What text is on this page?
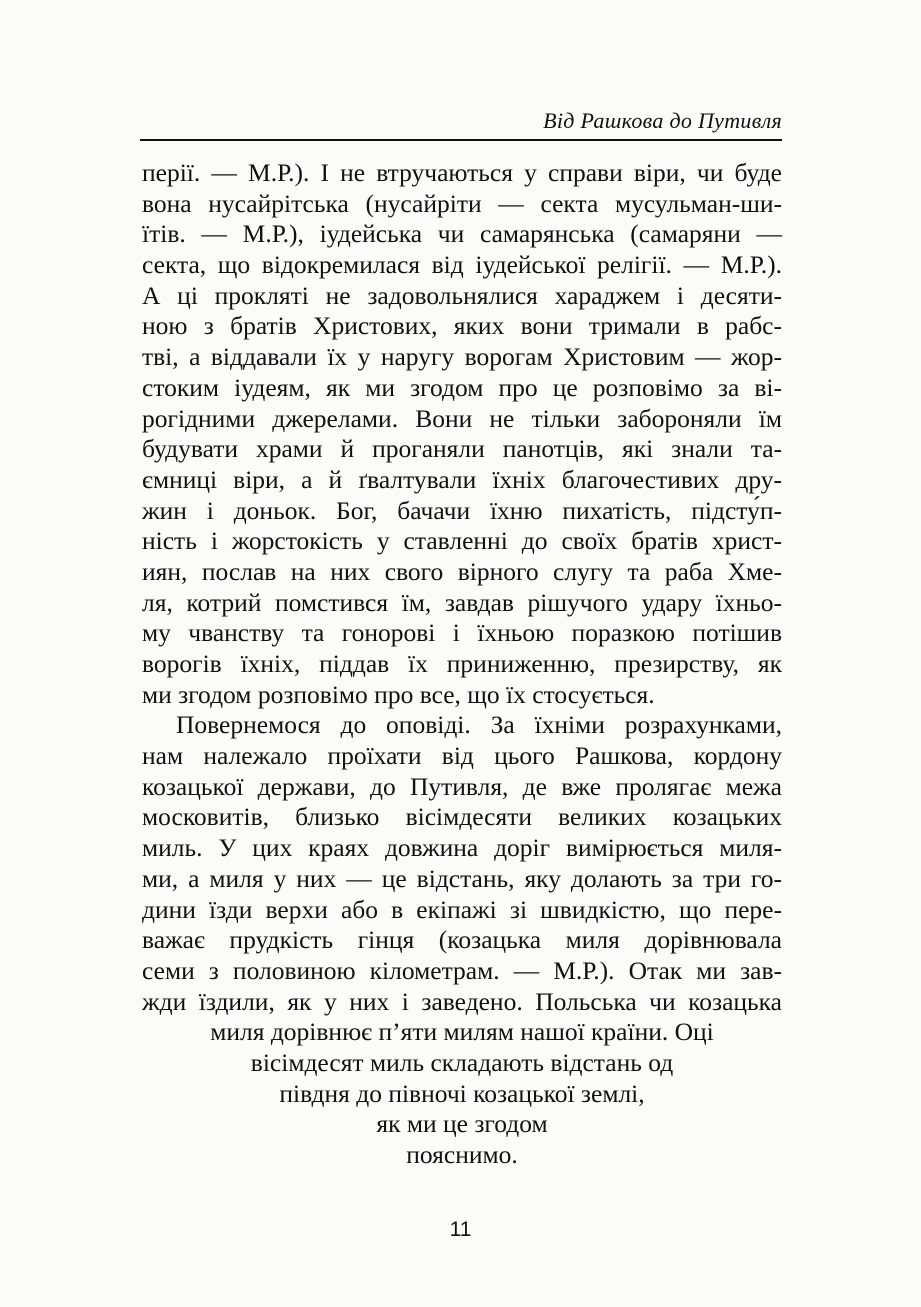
Від Рашкова до Путивля
перії. — М.Р.). І не втручаються у справи віри, чи буде
вона нусайрітська (нусайріти — секта мусульман-ши-
їтів. — М.Р.), іудейська чи самарянська (самаряни —
секта, що відокремилася від іудейської релігії. — М.Р.).
А ці прокляті не задовольнялися хараджем і десяти-
ною з братів Христових, яких вони тримали в рабс-
тві, а віддавали їх у наругу ворогам Христовим — жор-
стоким іудеям, як ми згодом про це розповімо за ві-
рогідними джерелами. Вони не тільки забороняли їм
будувати храми й проганяли панотців, які знали та-
ємниці віри, а й ґвалтували їхніх благочестивих дру-
жин і доньок. Бог, бачачи їхню пихатість, підсту́п-
ність і жорстокість у ставленні до своїх братів христ-
иян, послав на них свого вірного слугу та раба Хме-
ля, котрий помстився їм, завдав рішучого удару їхньо-
му чванству та гонорові і їхньою поразкою потішив
ворогів їхніх, піддав їх приниженню, презирству, як
ми згодом розповімо про все, що їх стосується.
Повернемося до оповіді. За їхніми розрахунками,
нам належало проїхати від цього Рашкова, кордону
козацької держави, до Путивля, де вже пролягає межа
московитів, близько вісімдесяти великих козацьких
миль. У цих краях довжина доріг вимірюється миля-
ми, а миля у них — це відстань, яку долають за три го-
дини їзди верхи або в екіпажі зі швидкістю, що пере-
важає прудкість гінця (козацька миля дорівнювала
семи з половиною кілометрам. — М.Р.). Отак ми зав-
жди їздили, як у них і заведено. Польська чи козацька
миля дорівнює п’яти милям нашої країни. Оці
вісімдесят миль складають відстань од
півдня до півночі козацької землі,
як ми це згодом
пояснимо.
11
